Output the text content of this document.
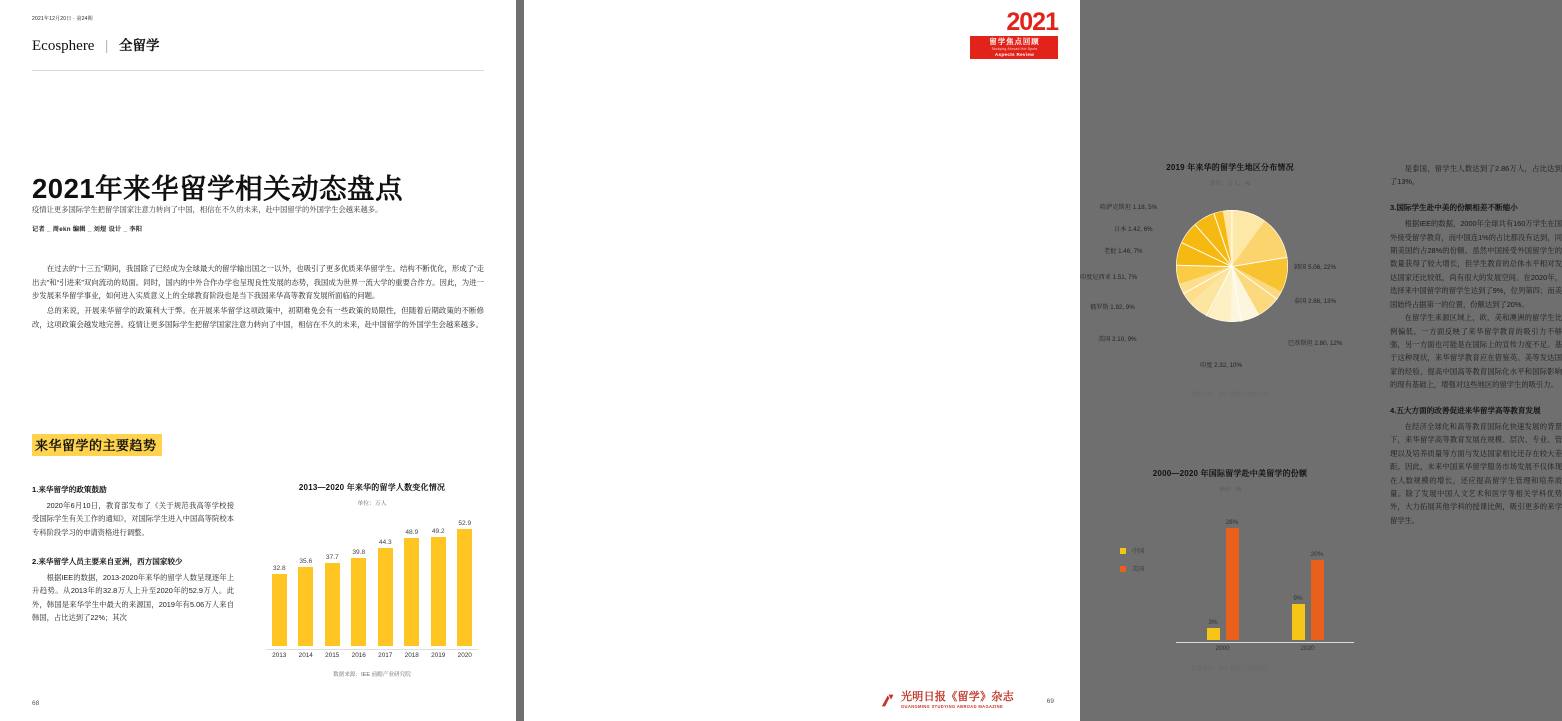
2021年12月20日 · 第24期
Ecosphere | 全留学
2021年来华留学相关动态盘点
疫情让更多国际学生把留学国家注意力转向了中国，相信在不久的未来，赴中国留学的外国学生会越来越多。
记者 _ 周ekn 编辑 _ 刘煜 设计 _ 李阳

在过去的“十三五”期间，我国除了已经成为全球最大的留学输出国之一以外，也吸引了更多优质来华留学生。结构不断优化，形成了“走出去”和“引进来”双向流动的局面。同时，国内的中外合作办学也呈现良性发展的态势，我国成为世界一流大学的重要合作方。因此，为进一步发展来华留学事业，如何进入实质意义上的全球教育阶段也是当下我国来华高等教育发展所面临的问题。

总的来说，开展来华留学的政策利大于弊。在开展来华留学这项政策中，初期难免会有一些政策的局限性，但随着后期政策的不断修改，这项政策会越发地完善。疫情让更多国际学生把留学国家注意力转向了中国，相信在不久的未来，赴中国留学的外国学生会越来越多。

来华留学的主要趋势
1.来华留学的政策鼓励

2020年6月10日，教育部发布了《关于规范我高等学校接受国际学生有关工作的通知》，对国际学生进入中国高等院校本专科阶段学习的申请资格进行调整。

2.来华留学人员主要来自亚洲，西方国家较少

根据IEE的数据，2013-2020年来华的留学人数呈现逐年上升趋势。从2013年的32.8万人上升至2020年的52.9万人。此外，韩国是来华学生中最大的来源国，2019年有5.06万人来自韩国，占比达到了22%；其次

2013—2020 年来华的留学人数变化情况
单位：万人
32.8
35.6
37.7
39.8
44.3
48.9	49.2
52.9
2013	2014	2015	2016	2017	2018	2019	2020
数据来源：IEE 前瞻产业研究院
68
2021
留学焦点回顾
Studying Abroad Hot Spots
Aspects Review
2019 年来华的留学生地区分布情况
单位：万人，%
韩国 5.06, 22%
泰国 2.86, 13%
巴基斯坦 2.80, 12%
印度 2.32, 10%
美国 2.10, 9%
俄罗斯 1.92, 9%
印度尼西亚 1.51, 7%
老挝 1.46, 7%
日本 1.42, 6%
哈萨克斯坦 1.18, 5%
数据来源：IEE 前瞻产业研究院
2000—2020 年国际留学赴中美留学的份额
单位：%
中国
美国
3%
28%
9%
20%
2000	2020
数据来源：IEE 前瞻产业研究院

是泰国，留学生人数达到了2.86万人，占比达到了13%。

3.国际学生赴中美的份额相差不断缩小

根据IEE的数据，2000年全球共有160万学生在国外接受留学教育，而中国连1%的占比都没有达到，同期美国约占28%的份额。虽然中国接受外国留学生的数量获得了较大增长，但学生教育的总体水平相对发达国家还比较低，尚有很大的发展空间。在2020年，选择来中国留学的留学生达到了9%，位列第四；而美国始终占据第一的位置，份额达到了20%。

在留学生来源区域上，欧、美和澳洲的留学生比例偏低。一方面反映了来华留学教育的吸引力不够强，另一方面也可能是在国际上的宣传力度不足。基于这种现状，来华留学教育应在借鉴英、美等发达国家的经验，提高中国高等教育国际化水平和国际影响的现有基础上，增强对这些地区的留学生的吸引力。

4.五大方面的改善促进来华留学高等教育发展

在经济全球化和高等教育国际化快速发展的背景下，来华留学高等教育发展在规模、层次、专业、管理以及培养质量等方面与发达国家相比还存在较大差距。因此，未来中国来华留学服务市场发展不仅体现在人数规模的增长，还应提高留学生管理和培养质量。除了发展中国人文艺术和医学等相关学科优势外，大力拓展其他学科的授课比例，吸引更多的来学留学生。

光明日报《留学》杂志
GUANGMING STUDYING ABROAD MAGAZINE
69
